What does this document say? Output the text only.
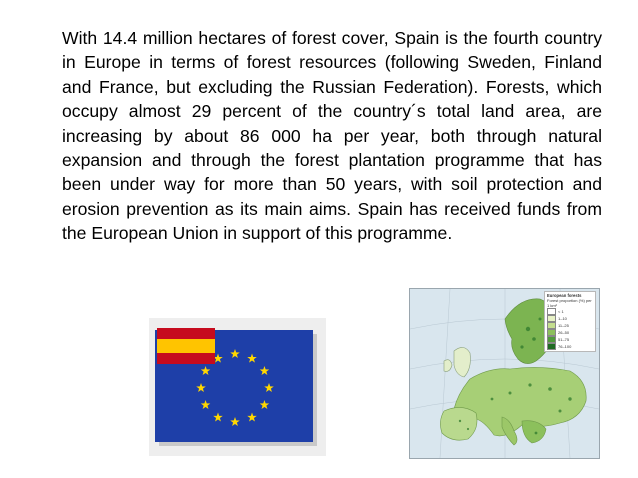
With 14.4 million hectares of forest cover, Spain is the fourth country in Europe in terms of forest resources (following Sweden, Finland and France, but excluding the Russian Federation). Forests, which occupy almost 29 percent of the country´s total land area, are increasing by about 86 000 ha per year, both through natural expansion and through the forest plantation programme that has been under way for more than 50 years, with soil protection and erosion prevention as its main aims. Spain has received funds from the European Union in support of this programme.

European forests
Forest proportion (%) per 1 km²
< 1
1–10
11–25
26–50
51–75
76–100
